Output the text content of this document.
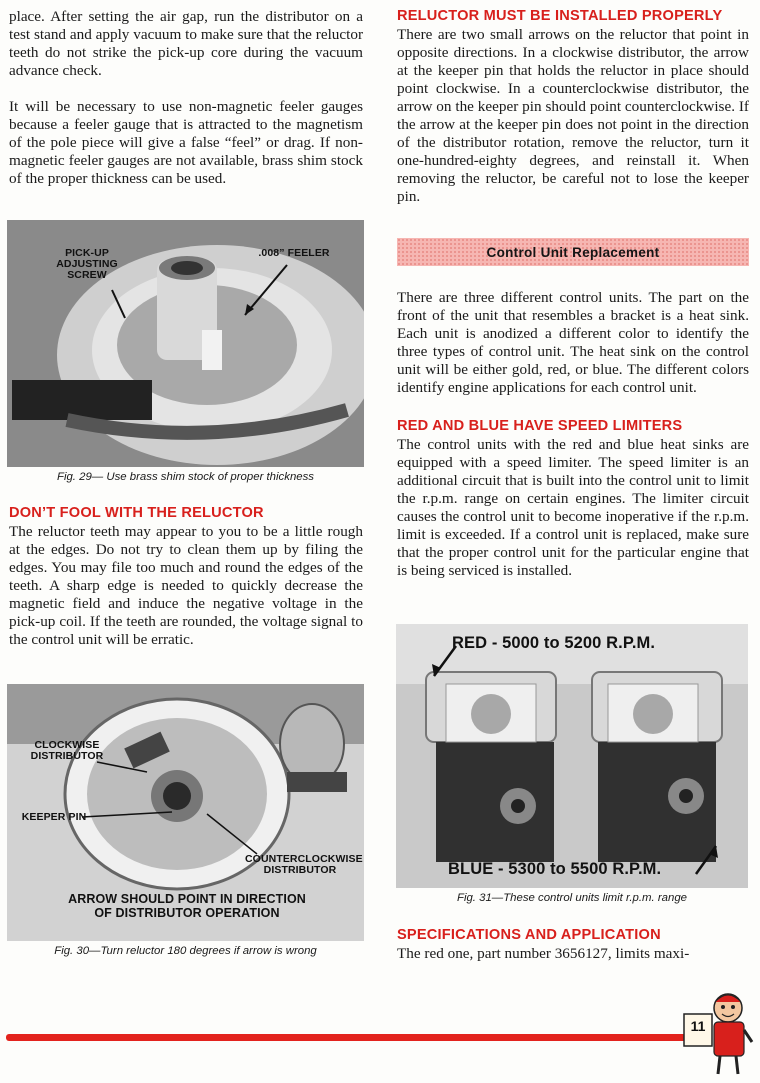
place. After setting the air gap, run the distributor on a test stand and apply vacuum to make sure that the reluctor teeth do not strike the pick-up core during the vacuum advance check.

It will be necessary to use non-magnetic feeler gauges because a feeler gauge that is attracted to the magnetism of the pole piece will give a false “feel” or drag. If non-magnetic feeler gauges are not available, brass shim stock of the proper thickness can be used.

PICK-UP ADJUSTING SCREW
.008” FEELER
Fig. 29— Use brass shim stock of proper thickness
DON’T FOOL WITH THE RELUCTOR

The reluctor teeth may appear to you to be a little rough at the edges. Do not try to clean them up by filing the edges. You may file too much and round the edges of the teeth. A sharp edge is needed to quickly decrease the magnetic field and induce the negative voltage in the pick-up coil. If the teeth are rounded, the voltage signal to the control unit will be erratic.

CLOCKWISE DISTRIBUTOR
KEEPER PIN
COUNTERCLOCKWISE DISTRIBUTOR
ARROW SHOULD POINT IN DIRECTION OF DISTRIBUTOR OPERATION
Fig. 30—Turn reluctor 180 degrees if arrow is wrong
RELUCTOR MUST BE INSTALLED PROPERLY

There are two small arrows on the reluctor that point in opposite directions. In a clockwise distributor, the arrow at the keeper pin that holds the reluctor in place should point clockwise. In a counterclockwise distributor, the arrow on the keeper pin should point counterclockwise. If the arrow at the keeper pin does not point in the direction of the distributor rotation, remove the reluctor, turn it one-hundred-eighty degrees, and reinstall it. When removing the reluctor, be careful not to lose the keeper pin.

Control Unit Replacement

There are three different control units. The part on the front of the unit that resembles a bracket is a heat sink. Each unit is anodized a different color to identify the three types of control unit. The heat sink on the control unit will be either gold, red, or blue. The different colors identify engine applications for each control unit.

RED AND BLUE HAVE SPEED LIMITERS

The control units with the red and blue heat sinks are equipped with a speed limiter. The speed limiter is an additional circuit that is built into the control unit to limit the r.p.m. range on certain engines. The limiter circuit causes the control unit to become inoperative if the r.p.m. limit is exceeded. If a control unit is replaced, make sure that the proper control unit for the particular engine that is being serviced is installed.

RED - 5000 to 5200 R.P.M.
BLUE - 5300 to 5500 R.P.M.
Fig. 31—These control units limit r.p.m. range
SPECIFICATIONS AND APPLICATION

The red one, part number 3656127, limits maxi-

11
